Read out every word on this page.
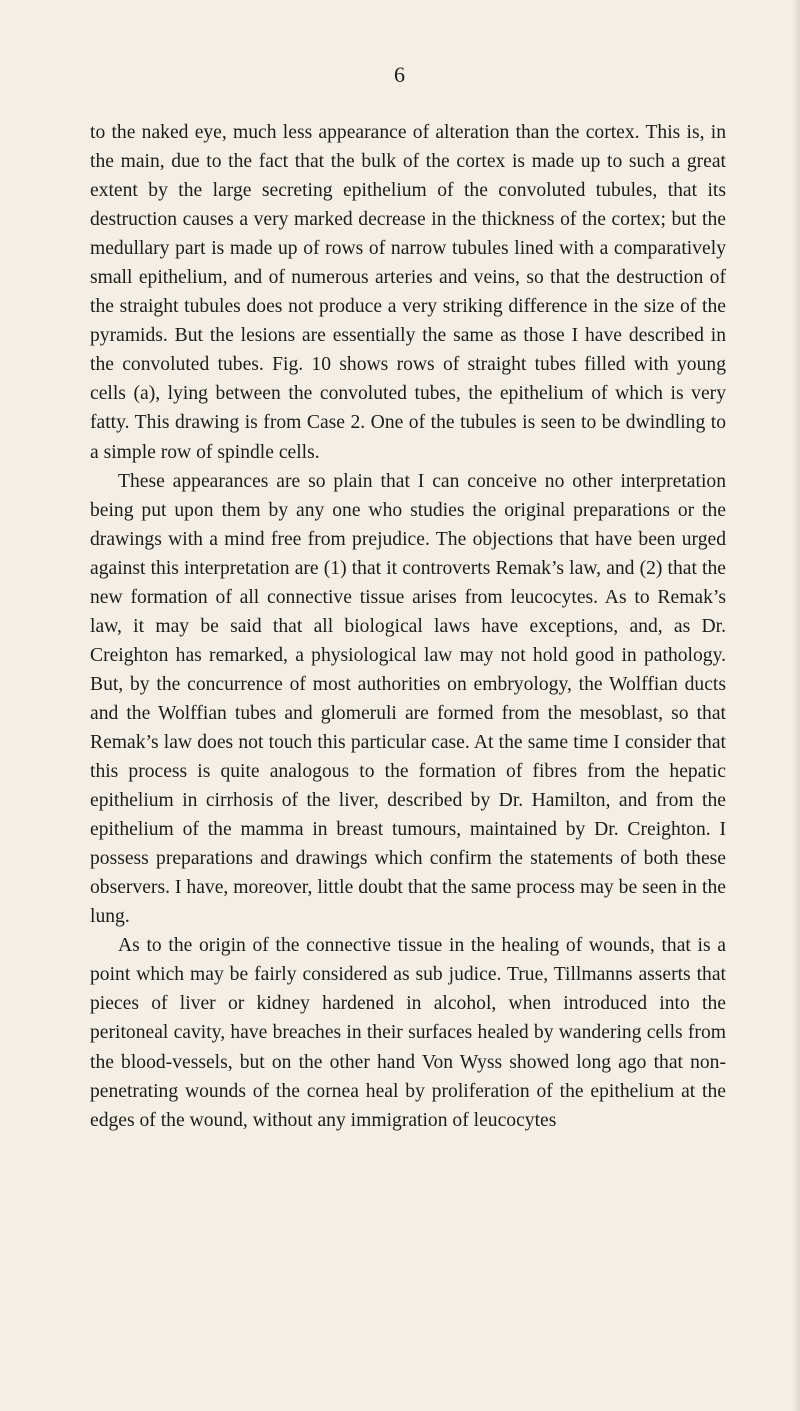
6

to the naked eye, much less appearance of alteration than the cortex. This is, in the main, due to the fact that the bulk of the cortex is made up to such a great extent by the large secreting epithelium of the convoluted tubules, that its destruction causes a very marked decrease in the thickness of the cortex; but the medullary part is made up of rows of narrow tubules lined with a comparatively small epithelium, and of numerous arteries and veins, so that the destruction of the straight tubules does not produce a very striking difference in the size of the pyramids. But the lesions are essentially the same as those I have described in the convoluted tubes. Fig. 10 shows rows of straight tubes filled with young cells (a), lying between the convoluted tubes, the epithelium of which is very fatty. This drawing is from Case 2. One of the tubules is seen to be dwindling to a simple row of spindle cells.

These appearances are so plain that I can conceive no other interpretation being put upon them by any one who studies the original preparations or the drawings with a mind free from prejudice. The objections that have been urged against this interpretation are (1) that it controverts Remak’s law, and (2) that the new formation of all connective tissue arises from leucocytes. As to Remak’s law, it may be said that all biological laws have exceptions, and, as Dr. Creighton has remarked, a physiological law may not hold good in pathology. But, by the concurrence of most authorities on embryology, the Wolffian ducts and the Wolffian tubes and glomeruli are formed from the mesoblast, so that Remak’s law does not touch this particular case. At the same time I consider that this process is quite analogous to the formation of fibres from the hepatic epithelium in cirrhosis of the liver, described by Dr. Hamilton, and from the epithelium of the mamma in breast tumours, maintained by Dr. Creighton. I possess preparations and drawings which confirm the statements of both these observers. I have, moreover, little doubt that the same process may be seen in the lung.

As to the origin of the connective tissue in the healing of wounds, that is a point which may be fairly considered as sub judice. True, Tillmanns asserts that pieces of liver or kidney hardened in alcohol, when introduced into the peritoneal cavity, have breaches in their surfaces healed by wandering cells from the blood-vessels, but on the other hand Von Wyss showed long ago that non-penetrating wounds of the cornea heal by proliferation of the epithelium at the edges of the wound, without any immigration of leucocytes
